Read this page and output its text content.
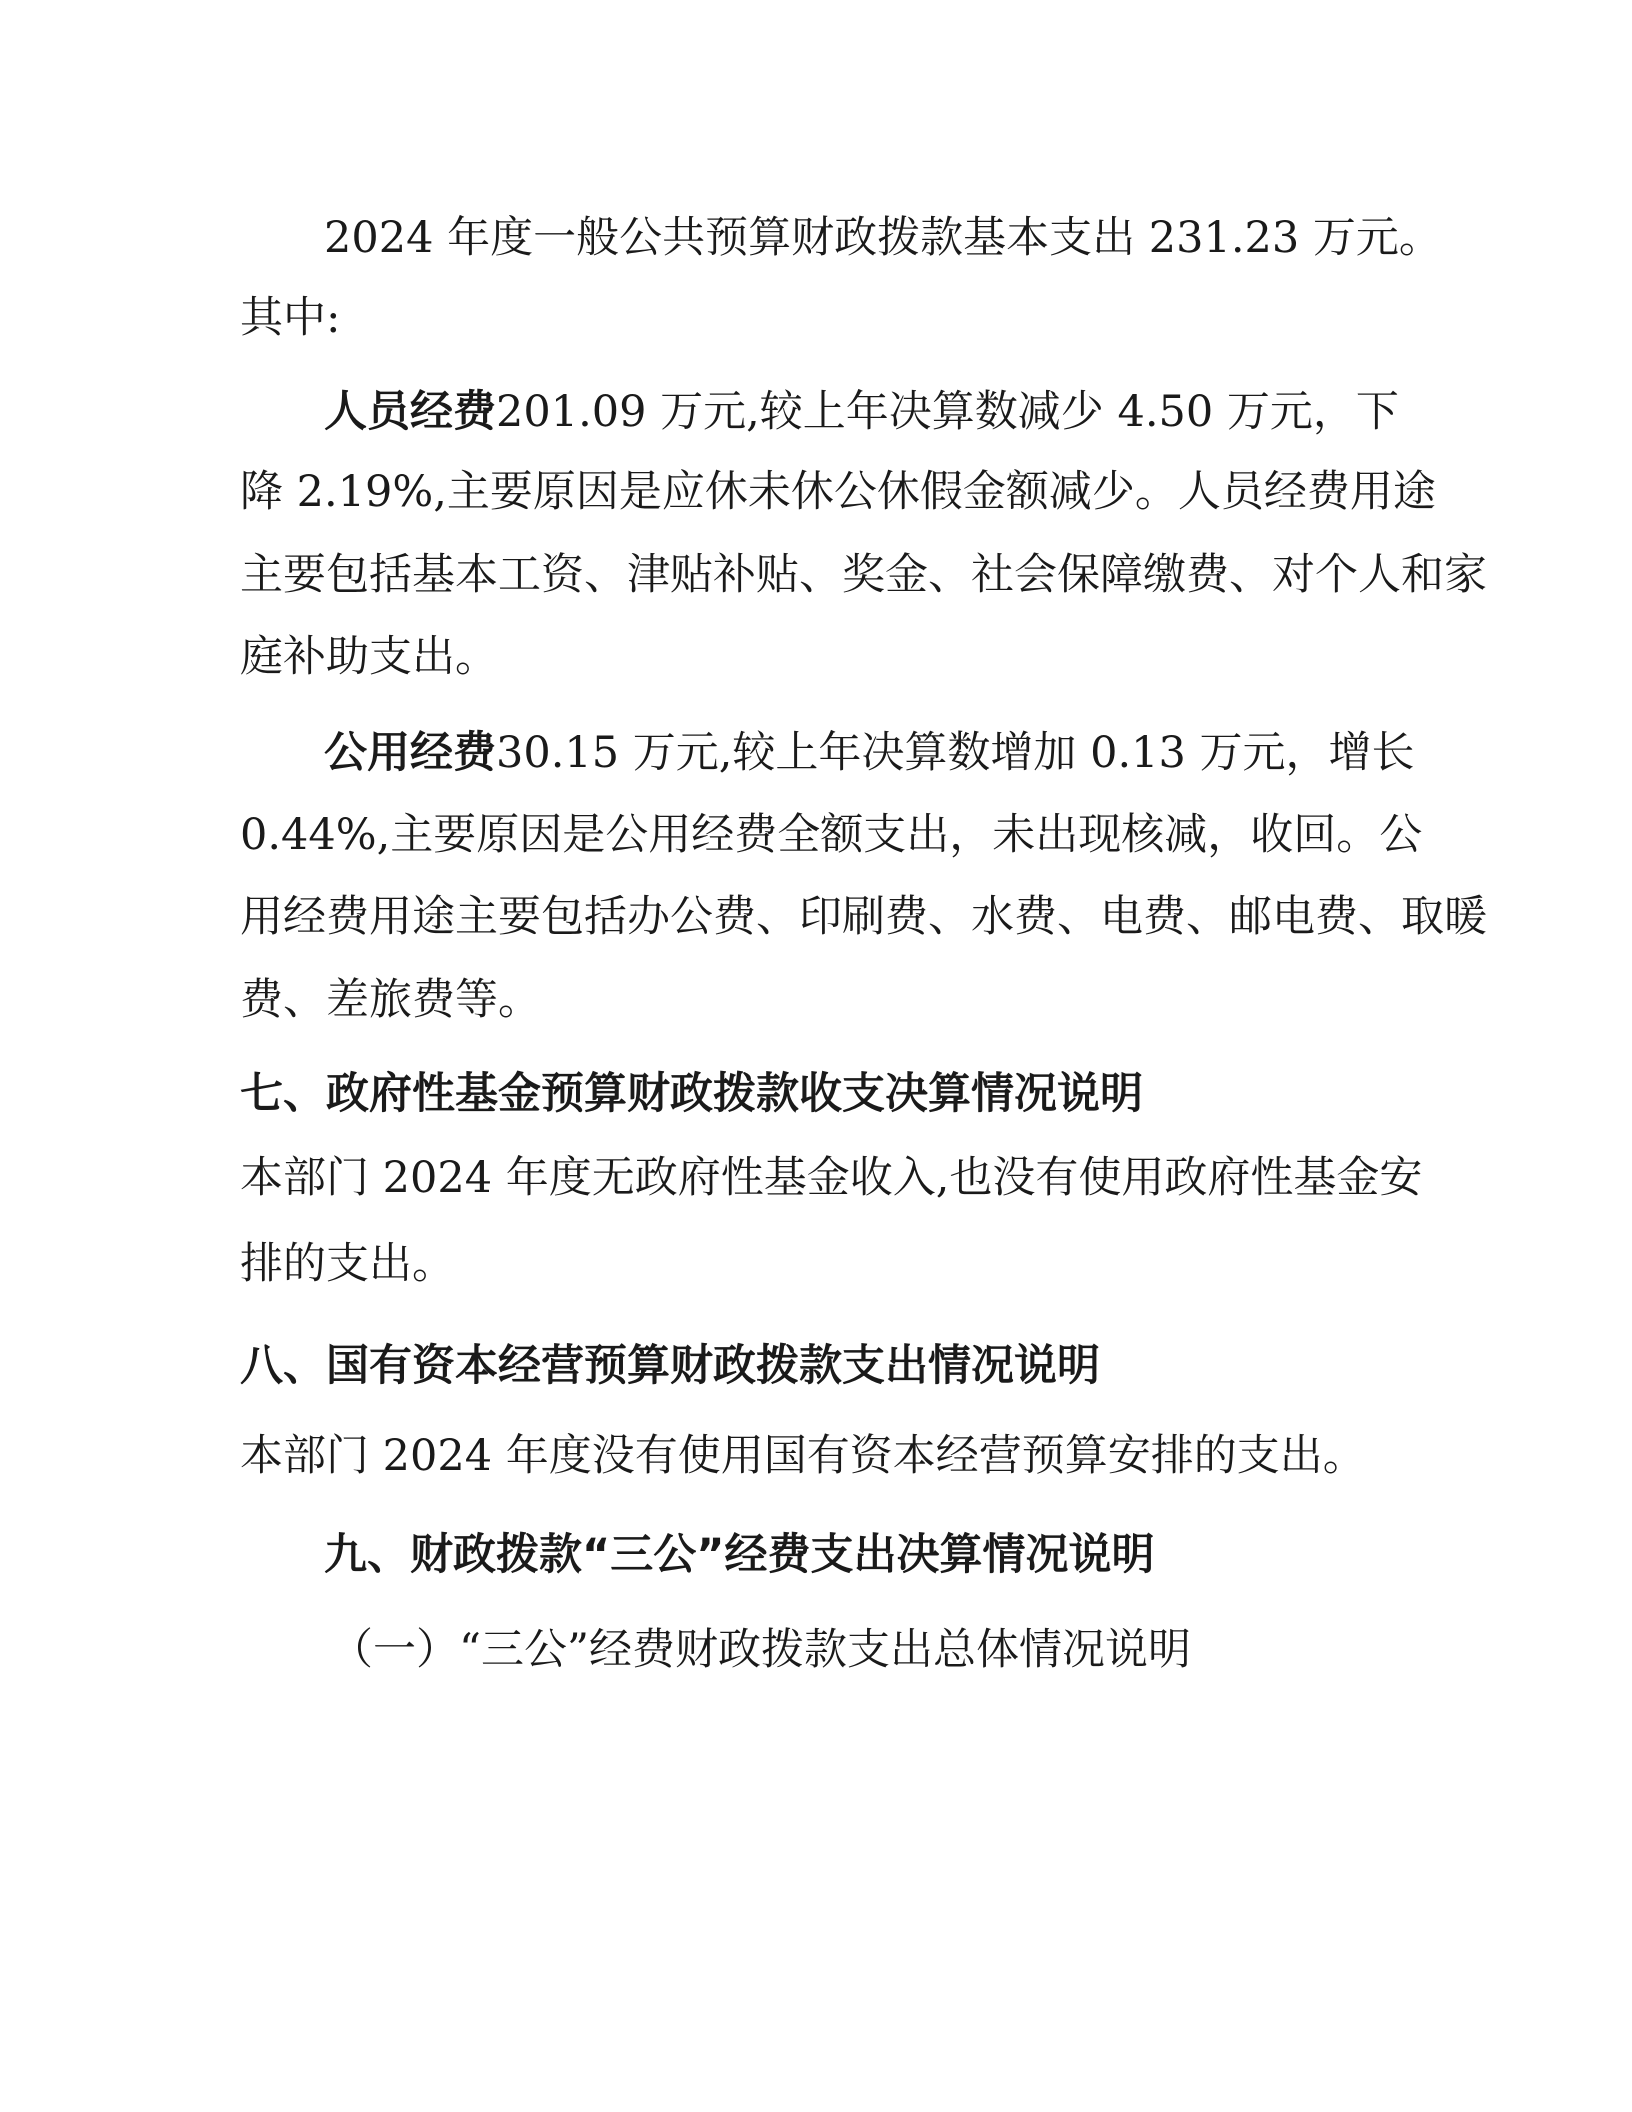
2024 年度一般公共预算财政拨款基本支出 231.23 万元。
其中:
人员经费201.09 万元,较上年决算数减少 4.50 万元，下
降 2.19%,主要原因是应休未休公休假金额减少。人员经费用途
主要包括基本工资、津贴补贴、奖金、社会保障缴费、对个人和家
庭补助支出。
公用经费30.15 万元,较上年决算数增加 0.13 万元，增长
0.44%,主要原因是公用经费全额支出，未出现核减，收回。公
用经费用途主要包括办公费、印刷费、水费、电费、邮电费、取暖
费、差旅费等。
七、政府性基金预算财政拨款收支决算情况说明
本部门 2024 年度无政府性基金收入,也没有使用政府性基金安
排的支出。
八、国有资本经营预算财政拨款支出情况说明
本部门 2024 年度没有使用国有资本经营预算安排的支出。
九、财政拨款“三公”经费支出决算情况说明
（一）“三公”经费财政拨款支出总体情况说明
